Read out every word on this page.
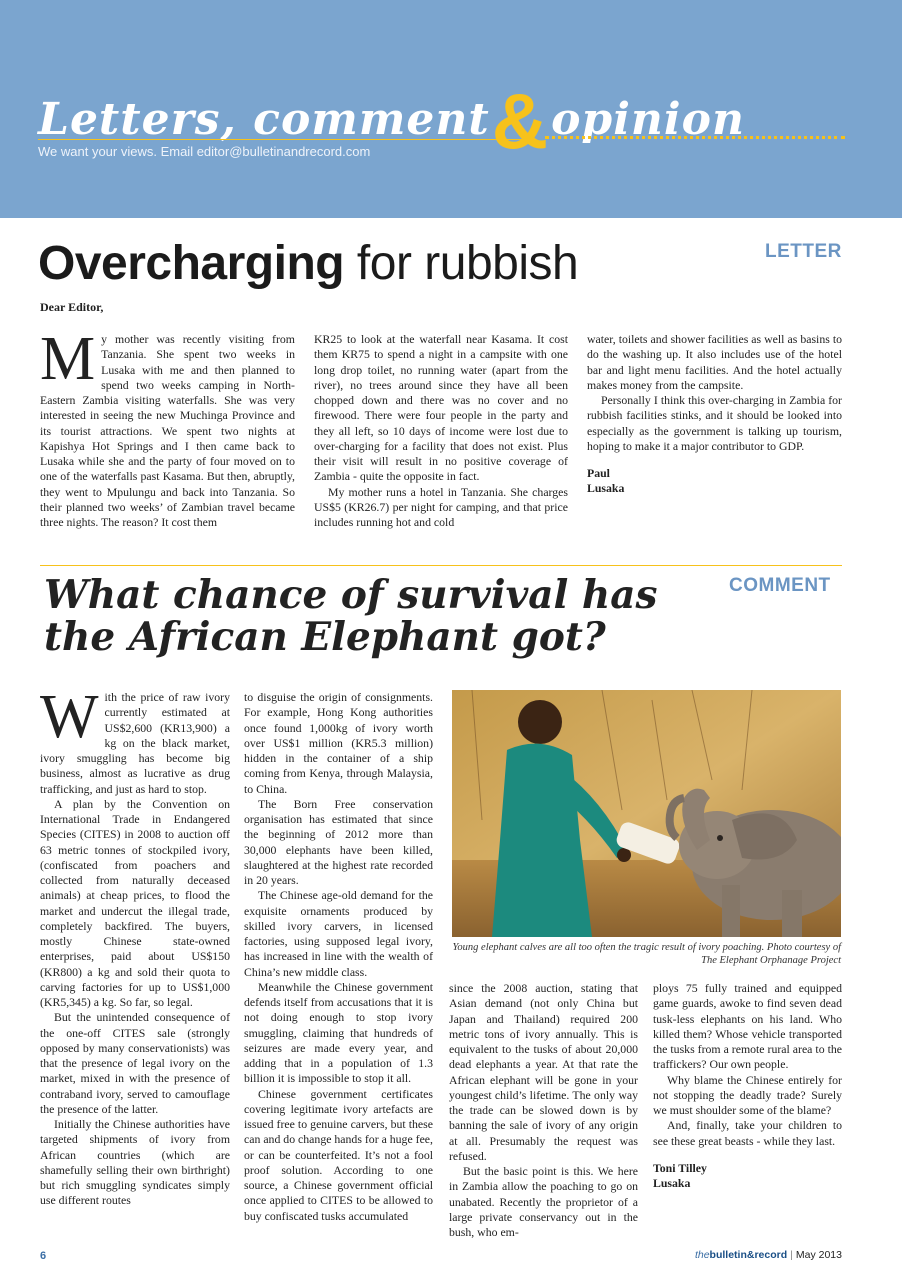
Letters, comment&opinion
We want your views. Email editor@bulletinandrecord.com
LETTER
Overcharging for rubbish
Dear Editor,

My mother was recently visiting from Tanzania. She spent two weeks in Lusaka with me and then planned to spend two weeks camping in North-Eastern Zambia visiting waterfalls. She was very interested in seeing the new Muchinga Province and its tourist attractions. We spent two nights at Kapishya Hot Springs and I then came back to Lusaka while she and the party of four moved on to one of the waterfalls past Kasama. But then, abruptly, they went to Mpulungu and back into Tanzania. So their planned two weeks’ of Zambian travel became three nights. The reason? It cost them

KR25 to look at the waterfall near Kasama. It cost them KR75 to spend a night in a campsite with one long drop toilet, no running water (apart from the river), no trees around since they have all been chopped down and there was no cover and no firewood. There were four people in the party and they all left, so 10 days of income were lost due to over-charging for a facility that does not exist. Plus their visit will result in no positive coverage of Zambia - quite the opposite in fact.

My mother runs a hotel in Tanzania. She charges US$5 (KR26.7) per night for camping, and that price includes running hot and cold

water, toilets and shower facilities as well as basins to do the washing up. It also includes use of the hotel bar and light menu facilities. And the hotel actually makes money from the campsite.

Personally I think this over-charging in Zambia for rubbish facilities stinks, and it should be looked into especially as the government is talking up tourism, hoping to make it a major contributor to GDP.

Paul
Lusaka

COMMENT
What chance of survival has the African Elephant got?

With the price of raw ivory currently estimated at US$2,600 (KR13,900) a kg on the black market, ivory smuggling has become big business, almost as lucrative as drug trafficking, and just as hard to stop.

A plan by the Convention on International Trade in Endangered Species (CITES) in 2008 to auction off 63 metric tonnes of stockpiled ivory, (confiscated from poachers and collected from naturally deceased animals) at cheap prices, to flood the market and undercut the illegal trade, completely backfired. The buyers, mostly Chinese state-owned enterprises, paid about US$150 (KR800) a kg and sold their quota to carving factories for up to US$1,000 (KR5,345) a kg. So far, so legal.

But the unintended consequence of the one-off CITES sale (strongly opposed by many conservationists) was that the presence of legal ivory on the market, mixed in with the presence of contraband ivory, served to camouflage the presence of the latter.

Initially the Chinese authorities have targeted shipments of ivory from African countries (which are shamefully selling their own birthright) but rich smuggling syndicates simply use different routes

to disguise the origin of consignments. For example, Hong Kong authorities once found 1,000kg of ivory worth over US$1 million (KR5.3 million) hidden in the container of a ship coming from Kenya, through Malaysia, to China.

The Born Free conservation organisation has estimated that since the beginning of 2012 more than 30,000 elephants have been killed, slaughtered at the highest rate recorded in 20 years.

The Chinese age-old demand for the exquisite ornaments produced by skilled ivory carvers, in licensed factories, using supposed legal ivory, has increased in line with the wealth of China’s new middle class.

Meanwhile the Chinese government defends itself from accusations that it is not doing enough to stop ivory smuggling, claiming that hundreds of seizures are made every year, and adding that in a population of 1.3 billion it is impossible to stop it all.

Chinese government certificates covering legitimate ivory artefacts are issued free to genuine carvers, but these can and do change hands for a huge fee, or can be counterfeited. It’s not a fool proof solution. According to one source, a Chinese government official once applied to CITES to be allowed to buy confiscated tusks accumulated

Young elephant calves are all too often the tragic result of ivory poaching. Photo courtesy of The Elephant Orphanage Project

since the 2008 auction, stating that Asian demand (not only China but Japan and Thailand) required 200 metric tons of ivory annually. This is equivalent to the tusks of about 20,000 dead elephants a year. At that rate the African elephant will be gone in your youngest child’s lifetime. The only way the trade can be slowed down is by banning the sale of ivory of any origin at all. Presumably the request was refused.

But the basic point is this. We here in Zambia allow the poaching to go on unabated. Recently the proprietor of a large private conservancy out in the bush, who em-

ploys 75 fully trained and equipped game guards, awoke to find seven dead tusk-less elephants on his land. Who killed them? Whose vehicle transported the tusks from a remote rural area to the traffickers? Our own people.

Why blame the Chinese entirely for not stopping the deadly trade? Surely we must shoulder some of the blame?

And, finally, take your children to see these great beasts - while they last.

Toni Tilley
Lusaka

6	thebulletin&record | May 2013
